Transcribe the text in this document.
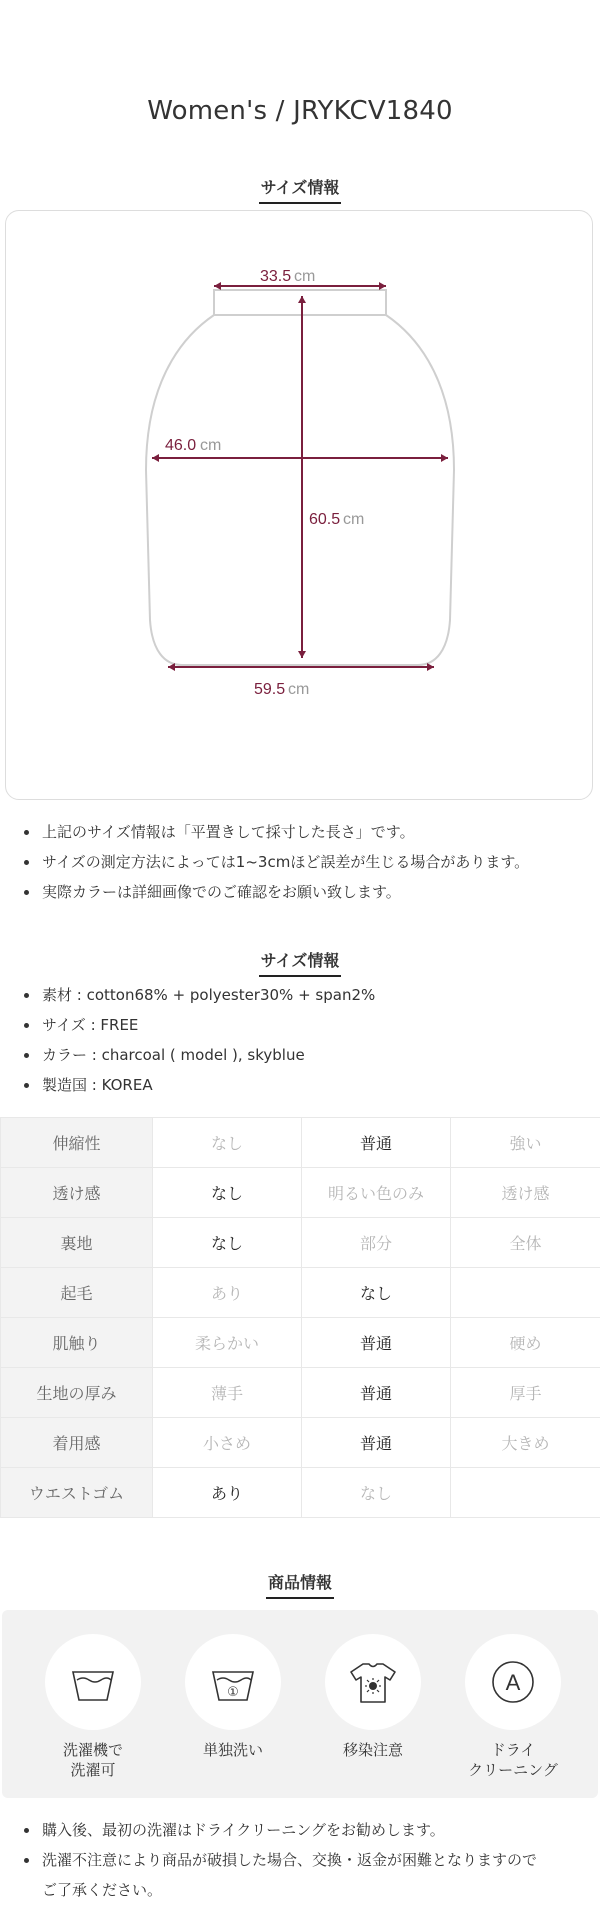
Women's / JRYKCV1840
サイズ情報
33.5 cm
46.0 cm
60.5 cm
59.5 cm
上記のサイズ情報は「平置きして採寸した長さ」です。
サイズの測定方法によっては1~3cmほど誤差が生じる場合があります。
実際カラーは詳細画像でのご確認をお願い致します。
サイズ情報
素材 : cotton68% + polyester30% + span2%
サイズ : FREE
カラー : charcoal ( model ), skyblue
製造国 : KOREA
伸縮性	なし	普通	強い
透け感	なし	明るい色のみ	透け感
裏地	なし	部分	全体
起毛	あり	なし	
肌触り	柔らかい	普通	硬め
生地の厚み	薄手	普通	厚手
着用感	小さめ	普通	大きめ
ウエストゴム	あり	なし	
商品情報
洗濯機で
洗濯可
①
単独洗い	移染注意
A
ドライ
クリーニング
購入後、最初の洗濯はドライクリーニングをお勧めします。
洗濯不注意により商品が破損した場合、交換・返金が困難となりますので
ご了承ください。
